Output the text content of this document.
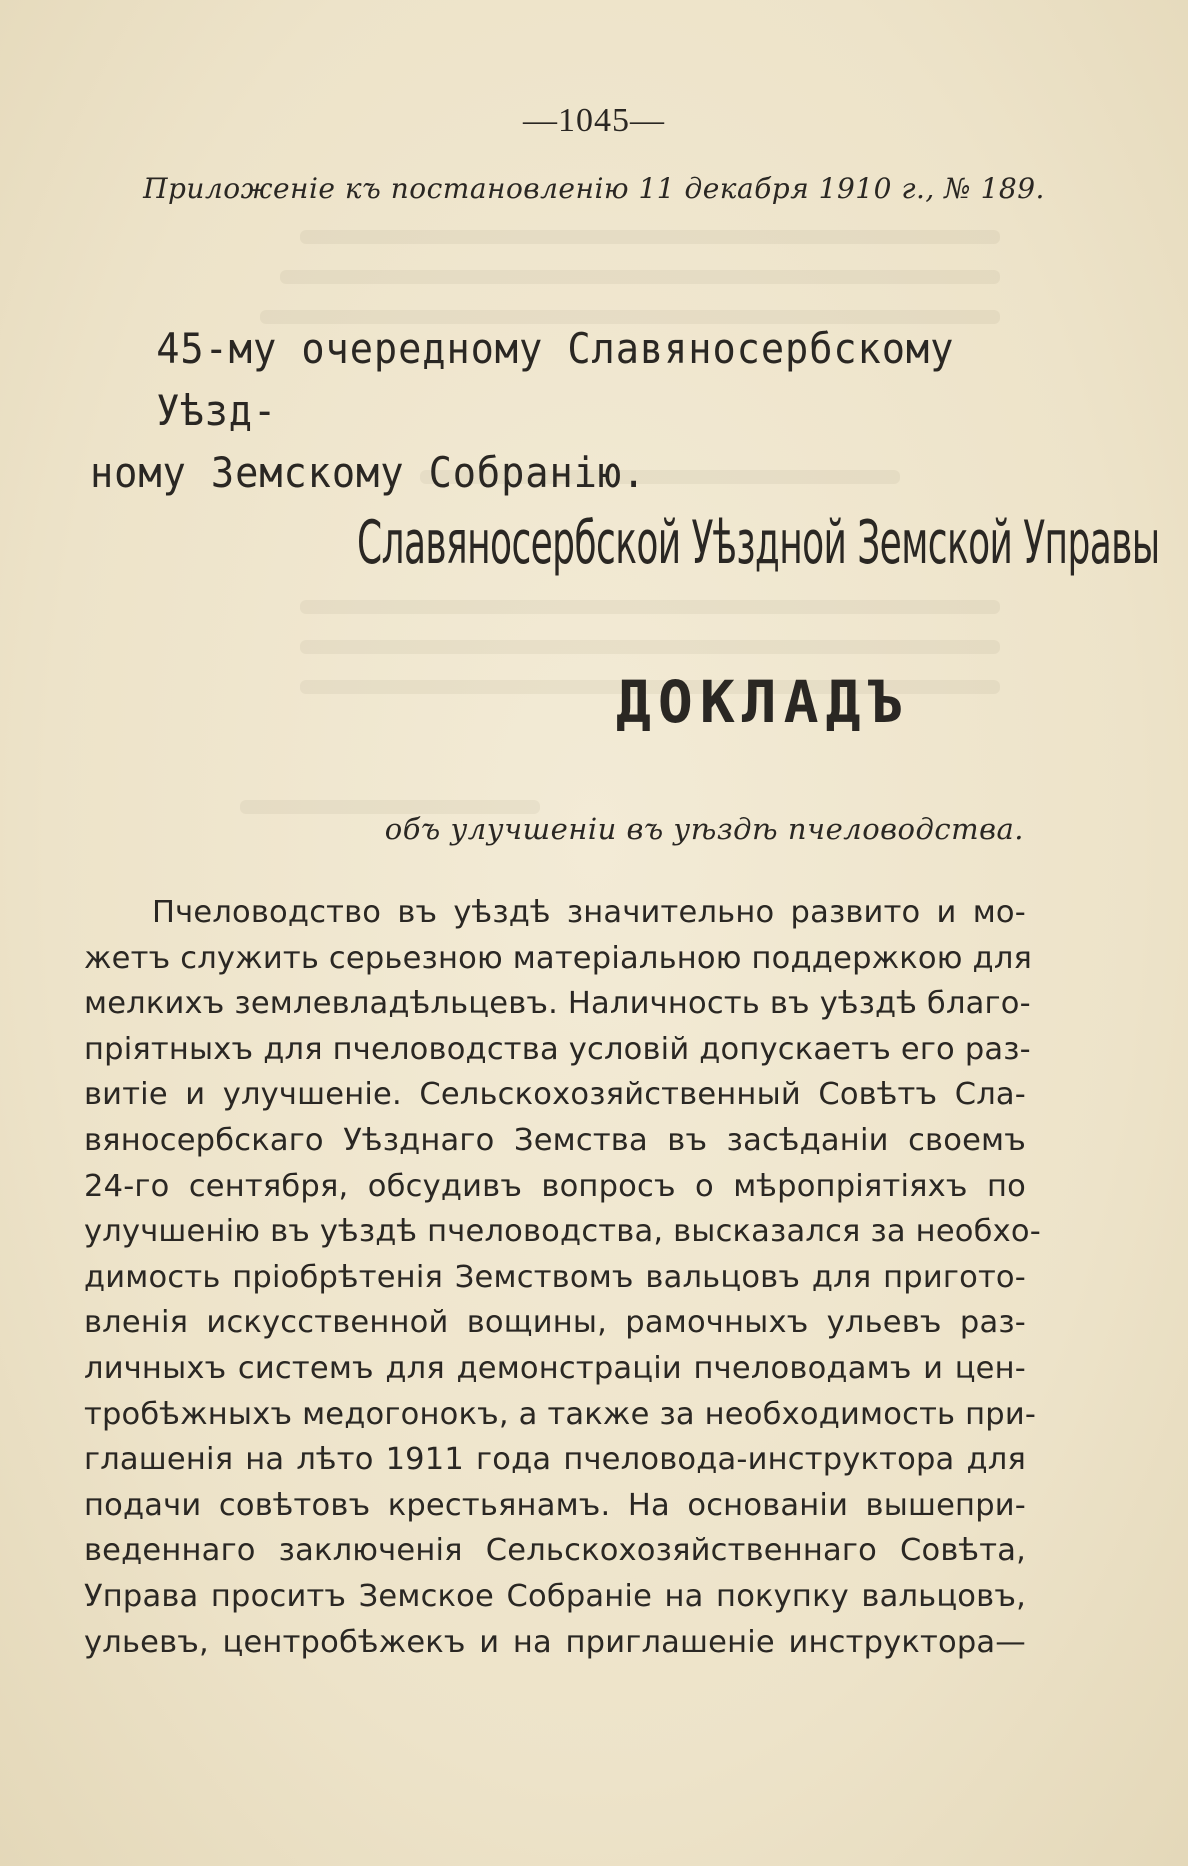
—1045—
Приложеніе къ постановленію 11 декабря 1910 г., № 189.
45-му очередному Славяносербскому Уѣзд-
ному Земскому Собранію.
Славяносербской Уѣздной Земской Управы
ДОКЛАДЪ
объ улучшеніи въ уѣздѣ пчеловодства.
Пчеловодство въ уѣздѣ значительно развито и мо-
жетъ служить серьезною матеріальною поддержкою для
мелкихъ землевладѣльцевъ. Наличность въ уѣздѣ благо-
пріятныхъ для пчеловодства условій допускаетъ его раз-
витіе и улучшеніе. Сельскохозяйственный Совѣтъ Сла-
вяносербскаго Уѣзднаго Земства въ засѣданіи своемъ
24-го сентября, обсудивъ вопросъ о мѣропріятіяхъ по
улучшенію въ уѣздѣ пчеловодства, высказался за необхо-
димость пріобрѣтенія Земствомъ вальцовъ для пригото-
вленія искусственной вощины, рамочныхъ ульевъ раз-
личныхъ системъ для демонстраціи пчеловодамъ и цен-
тробѣжныхъ медогонокъ, а также за необходимость при-
глашенія на лѣто 1911 года пчеловода-инструктора для
подачи совѣтовъ крестьянамъ. На основаніи вышепри-
веденнаго заключенія Сельскохозяйственнаго Совѣта,
Управа проситъ Земское Собраніе на покупку вальцовъ,
ульевъ, центробѣжекъ и на приглашеніе инструктора—
